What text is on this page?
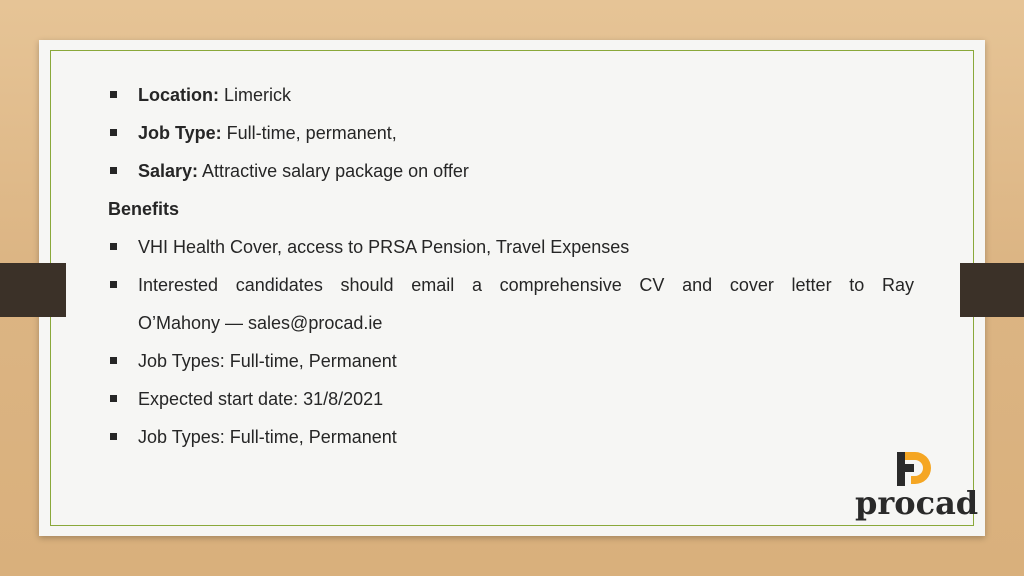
Location: Limerick
Job Type: Full-time, permanent,
Salary: Attractive salary package on offer
Benefits
VHI Health Cover, access to PRSA Pension, Travel Expenses
Interested candidates should email a comprehensive CV and cover letter to Ray
O’Mahony — sales@procad.ie
Job Types: Full-time, Permanent
Expected start date: 31/8/2021
Job Types: Full-time, Permanent
procad
